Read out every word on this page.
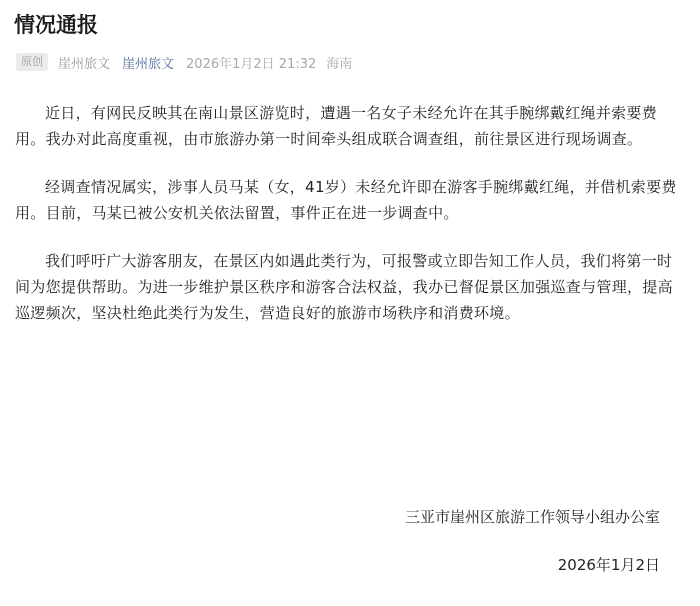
情况通报
原创	崖州旅文 崖州旅文 2026年1月2日 21:32 海南

近日，有网民反映其在南山景区游览时，遭遇一名女子未经允许在其手腕绑戴红绳并索要费用。我办对此高度重视，由市旅游办第一时间牵头组成联合调查组，前往景区进行现场调查。

经调查情况属实，涉事人员马某（女，41岁）未经允许即在游客手腕绑戴红绳，并借机索要费用。目前，马某已被公安机关依法留置，事件正在进一步调查中。

我们呼吁广大游客朋友，在景区内如遇此类行为，可报警或立即告知工作人员，我们将第一时间为您提供帮助。为进一步维护景区秩序和游客合法权益，我办已督促景区加强巡查与管理，提高巡逻频次，坚决杜绝此类行为发生，营造良好的旅游市场秩序和消费环境。

三亚市崖州区旅游工作领导小组办公室
2026年1月2日
